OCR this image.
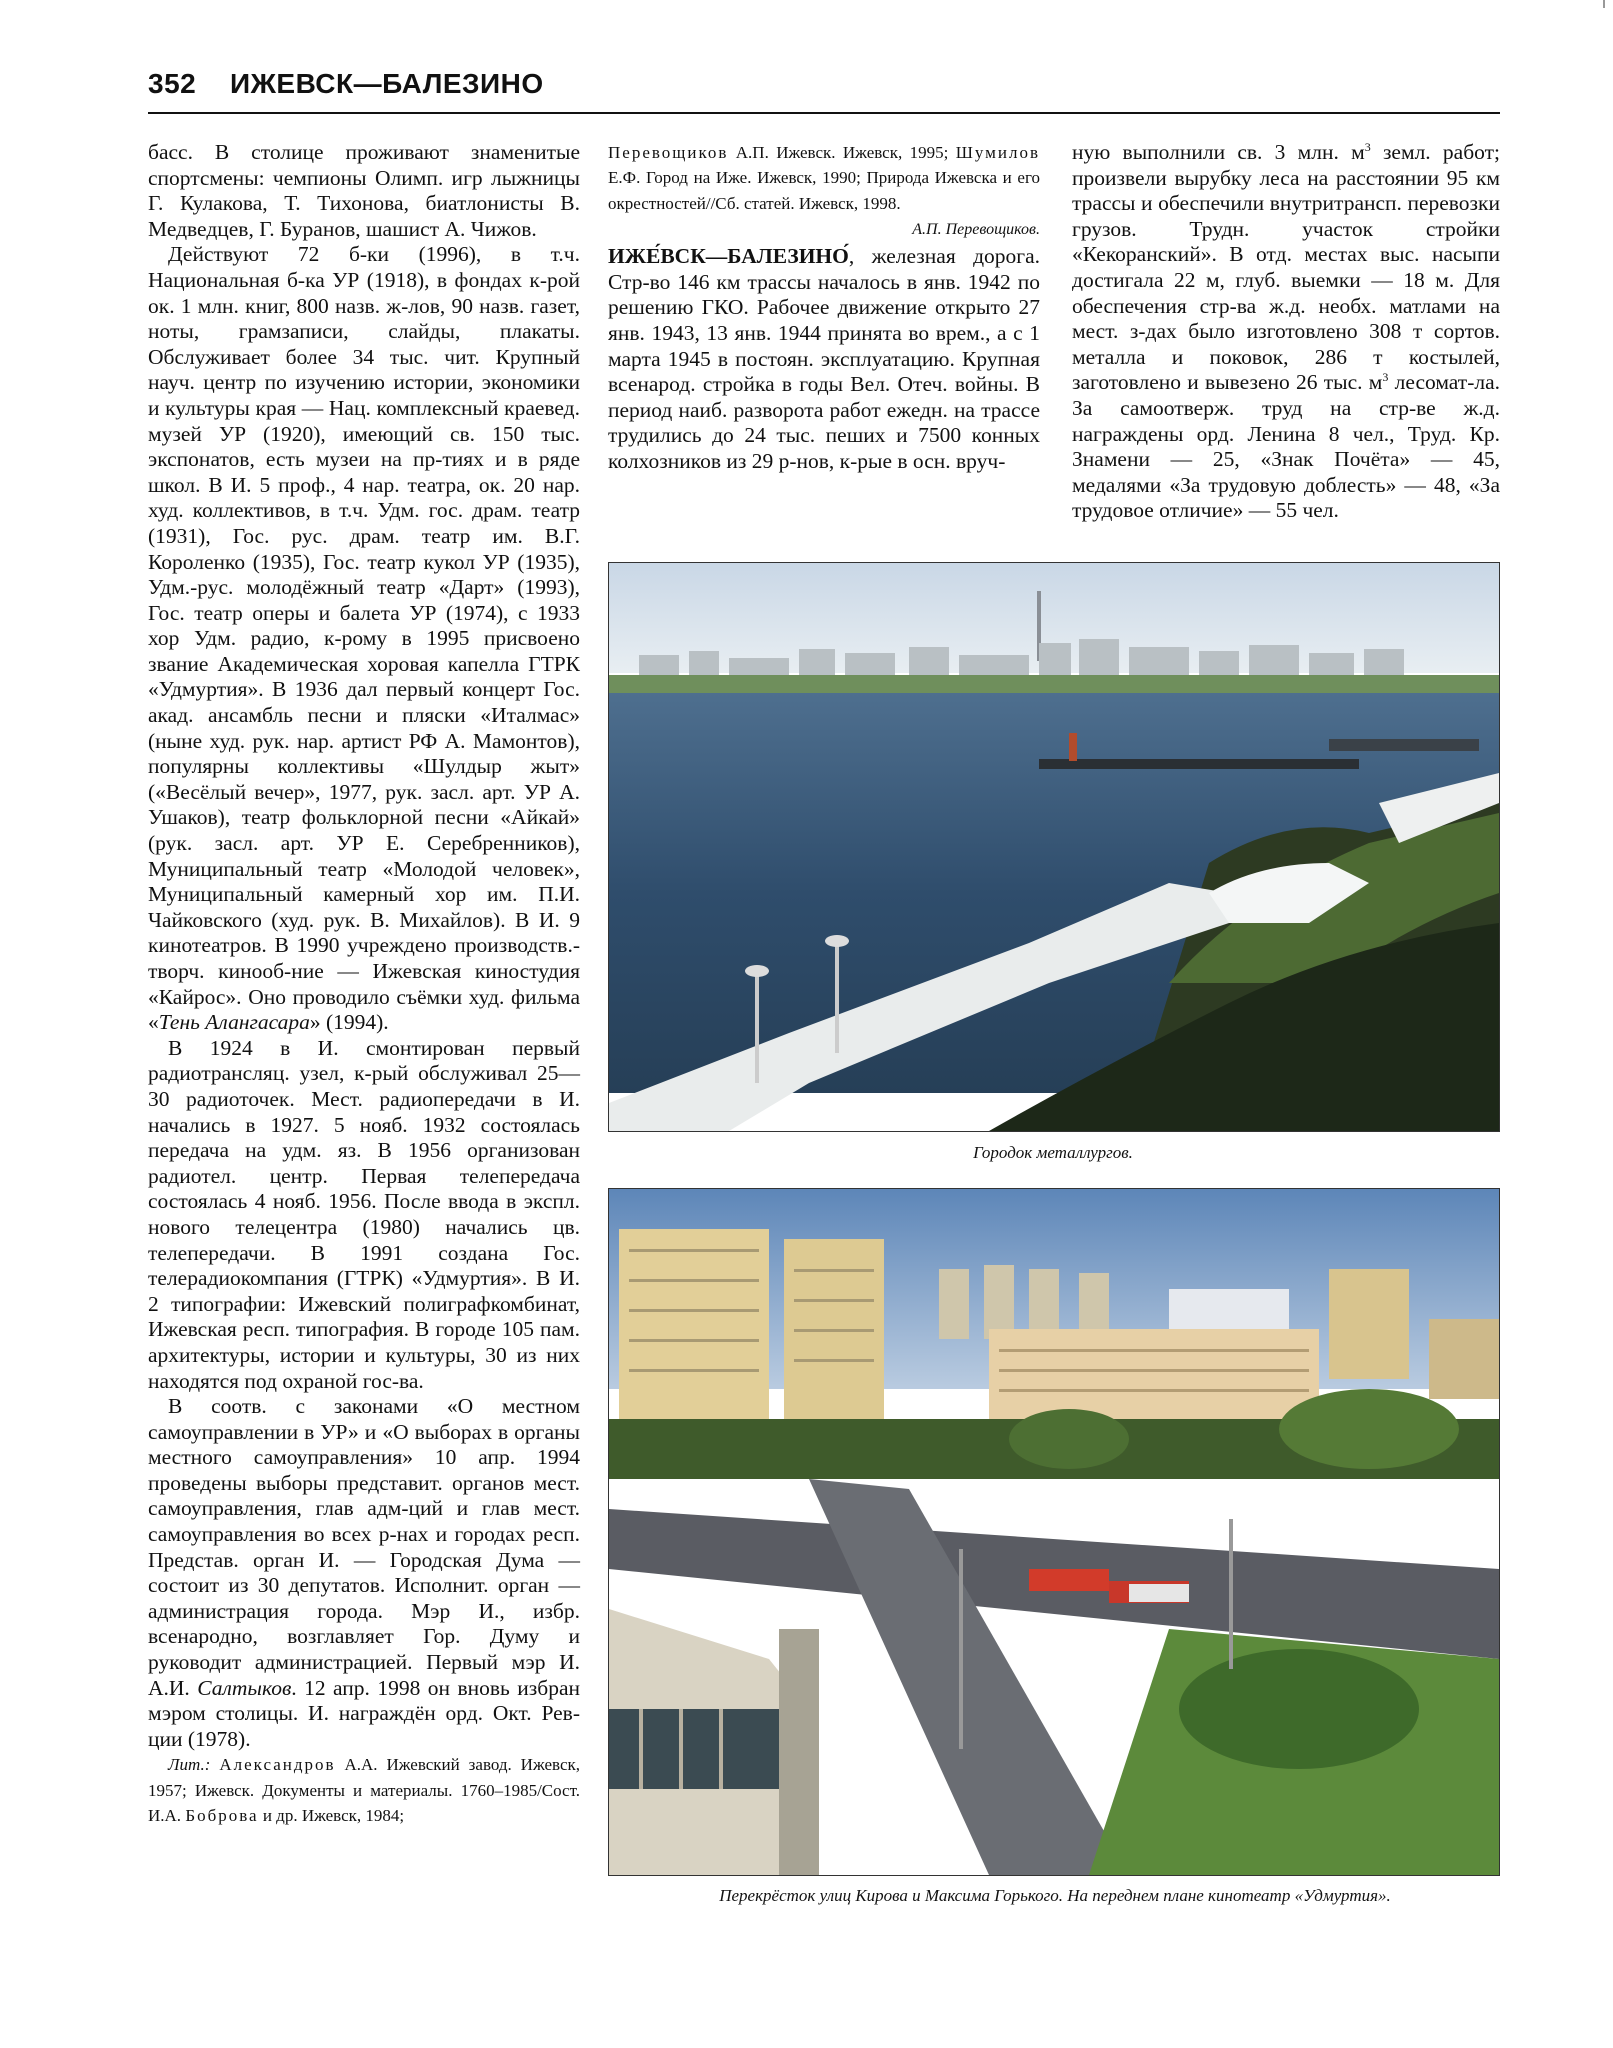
352 ИЖЕВСК—БАЛЕЗИНО

басс. В столице проживают знаменитые спортсмены: чемпионы Олимп. игр лыжницы Г. Кулакова, Т. Тихонова, биатлонисты В. Медведцев, Г. Буранов, шашист А. Чижов.

Действуют 72 б-ки (1996), в т.ч. Национальная б-ка УР (1918), в фондах к-рой ок. 1 млн. книг, 800 назв. ж-лов, 90 назв. газет, ноты, грамзаписи, слайды, плакаты. Обслуживает более 34 тыс. чит. Крупный науч. центр по изучению истории, экономики и культуры края — Нац. комплексный краевед. музей УР (1920), имеющий св. 150 тыс. экспонатов, есть музеи на пр-тиях и в ряде школ. В И. 5 проф., 4 нар. театра, ок. 20 нар. худ. коллективов, в т.ч. Удм. гос. драм. театр (1931), Гос. рус. драм. театр им. В.Г. Короленко (1935), Гос. театр кукол УР (1935), Удм.-рус. молодёжный театр «Дарт» (1993), Гос. театр оперы и балета УР (1974), с 1933 хор Удм. радио, к-рому в 1995 присвоено звание Академическая хоровая капелла ГТРК «Удмуртия». В 1936 дал первый концерт Гос. акад. ансамбль песни и пляски «Италмас» (ныне худ. рук. нар. артист РФ А. Мамонтов), популярны коллективы «Шулдыр жыт» («Весёлый вечер», 1977, рук. засл. арт. УР А. Ушаков), театр фольклорной песни «Айкай» (рук. засл. арт. УР Е. Серебренников), Муниципальный театр «Молодой человек», Муниципальный камерный хор им. П.И. Чайковского (худ. рук. В. Михайлов). В И. 9 кинотеатров. В 1990 учреждено производств.-творч. кинооб-ние — Ижевская киностудия «Кайрос». Оно проводило съёмки худ. фильма «Тень Алангасара» (1994).

В 1924 в И. смонтирован первый радиотрансляц. узел, к-рый обслуживал 25—30 радиоточек. Мест. радиопередачи в И. начались в 1927. 5 нояб. 1932 состоялась передача на удм. яз. В 1956 организован радиотел. центр. Первая телепередача состоялась 4 нояб. 1956. После ввода в экспл. нового телецентра (1980) начались цв. телепередачи. В 1991 создана Гос. телерадиокомпания (ГТРК) «Удмуртия». В И. 2 типографии: Ижевский полиграфкомбинат, Ижевская респ. типография. В городе 105 пам. архитектуры, истории и культуры, 30 из них находятся под охраной гос-ва.

В соотв. с законами «О местном самоуправлении в УР» и «О выборах в органы местного самоуправления» 10 апр. 1994 проведены выборы представит. органов мест. самоуправления, глав адм-ций и глав мест. самоуправления во всех р-нах и городах респ. Представ. орган И. — Городская Дума — состоит из 30 депутатов. Исполнит. орган — администрация города. Мэр И., избр. всенародно, возглавляет Гор. Думу и руководит администрацией. Первый мэр И. А.И. Салтыков. 12 апр. 1998 он вновь избран мэром столицы. И. награждён орд. Окт. Рев-ции (1978).

Лит.: Александров А.А. Ижевский завод. Ижевск, 1957; Ижевск. Документы и материалы. 1760–1985/Сост. И.А. Боброва и др. Ижевск, 1984;

Перевощиков А.П. Ижевск. Ижевск, 1995; Шумилов Е.Ф. Город на Иже. Ижевск, 1990; Природа Ижевска и его окрестностей//Сб. статей. Ижевск, 1998.

А.П. Перевощиков.

ИЖЕ́ВСК—БАЛЕЗИНО́, железная дорога. Стр-во 146 км трассы началось в янв. 1942 по решению ГКО. Рабочее движение открыто 27 янв. 1943, 13 янв. 1944 принята во врем., а с 1 марта 1945 в постоян. эксплуатацию. Крупная всенарод. стройка в годы Вел. Отеч. войны. В период наиб. разворота работ ежедн. на трассе трудились до 24 тыс. пеших и 7500 конных колхозников из 29 р-нов, к-рые в осн. вруч-

ную выполнили св. 3 млн. $м^3$ земл. работ; произвели вырубку леса на расстоянии 95 км трассы и обеспечили внутритрансп. перевозки грузов. Трудн. участок стройки «Кекоранский». В отд. местах выс. насыпи достигала 22 м, глуб. выемки — 18 м. Для обеспечения стр-ва ж.д. необх. матлами на мест. з-дах было изготовлено 308 т сортов. металла и поковок, 286 т костылей, заготовлено и вывезено 26 тыс. $м^3$ лесомат-ла. За самоотверж. труд на стр-ве ж.д. награждены орд. Ленина 8 чел., Труд. Кр. Знамени — 25, «Знак Почёта» — 45, медалями «За трудовую доблесть» — 48, «За трудовое отличие» — 55 чел.

Городок металлургов.
Перекрёсток улиц Кирова и Максима Горького. На переднем плане кинотеатр «Удмуртия».
